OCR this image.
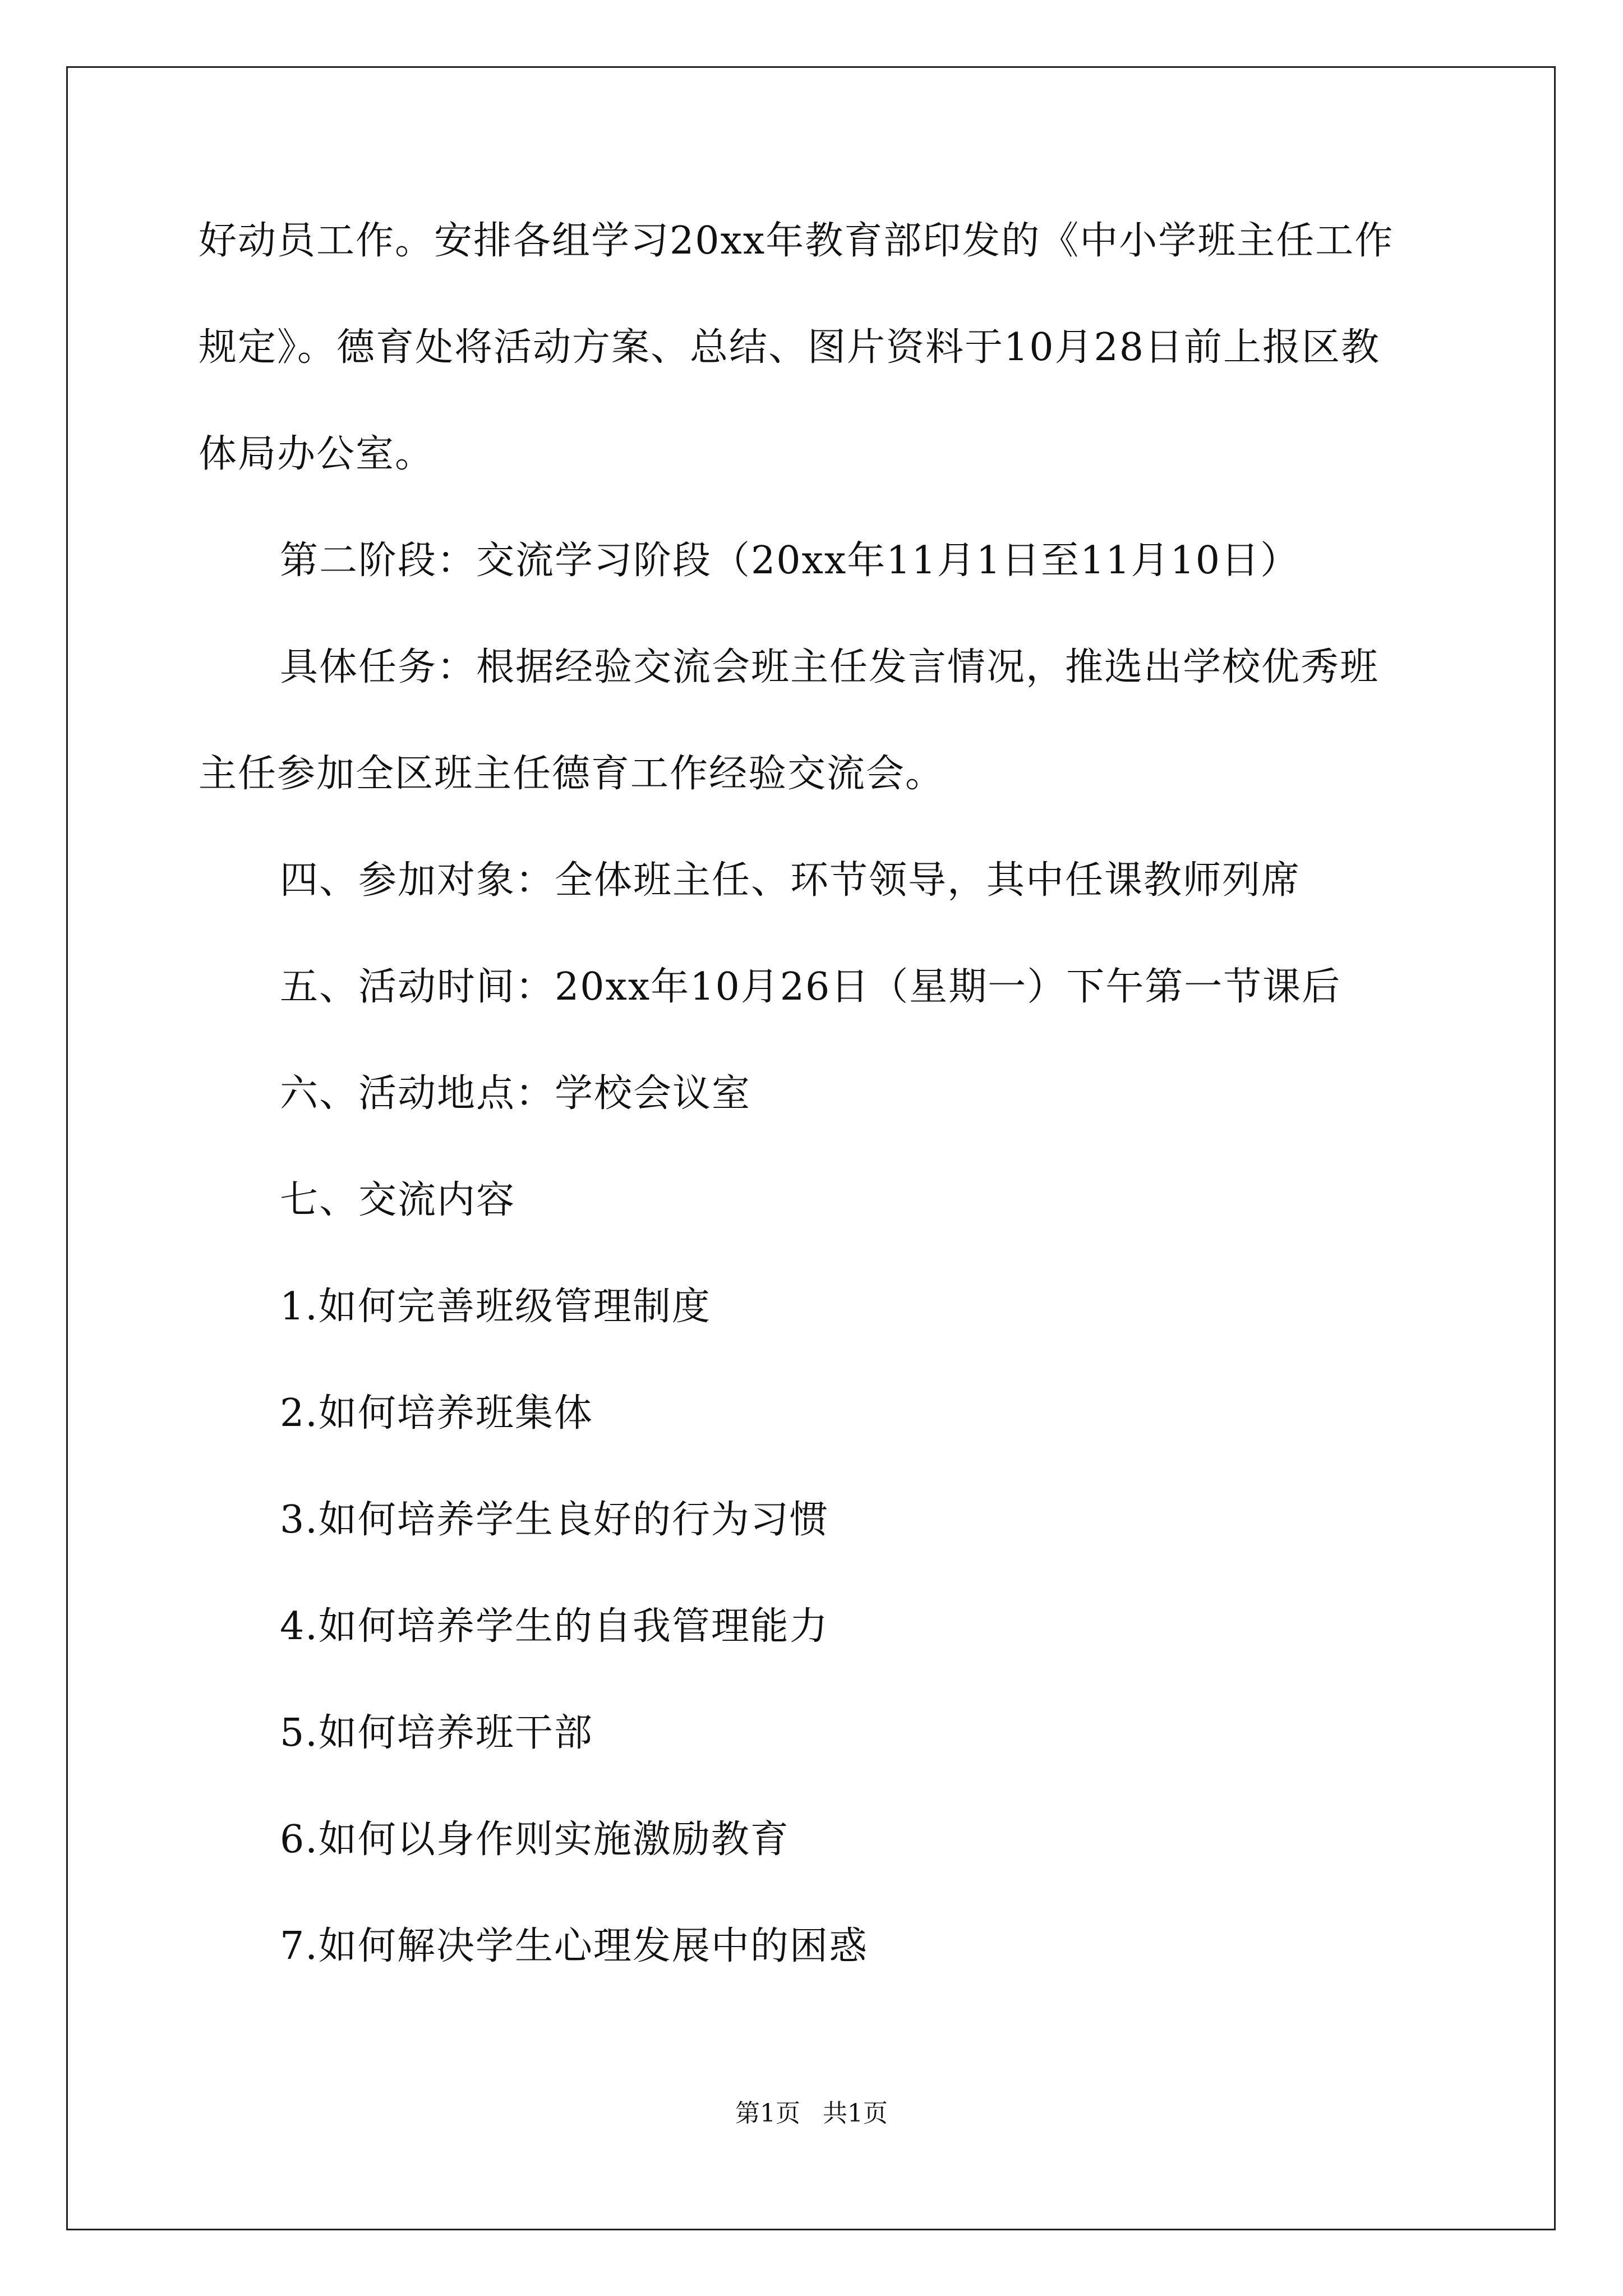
好动员工作。安排各组学习20xx年教育部印发的《中小学班主任工作
规定》。德育处将活动方案、总结、图片资料于10月28日前上报区教
体局办公室。
第二阶段：交流学习阶段（20xx年11月1日至11月10日）
具体任务：根据经验交流会班主任发言情况，推选出学校优秀班
主任参加全区班主任德育工作经验交流会。
四、参加对象：全体班主任、环节领导，其中任课教师列席
五、活动时间：20xx年10月26日（星期一）下午第一节课后
六、活动地点：学校会议室
七、交流内容
1.如何完善班级管理制度
2.如何培养班集体
3.如何培养学生良好的行为习惯
4.如何培养学生的自我管理能力
5.如何培养班干部
6.如何以身作则实施激励教育
7.如何解决学生心理发展中的困惑
第1页 共1页
